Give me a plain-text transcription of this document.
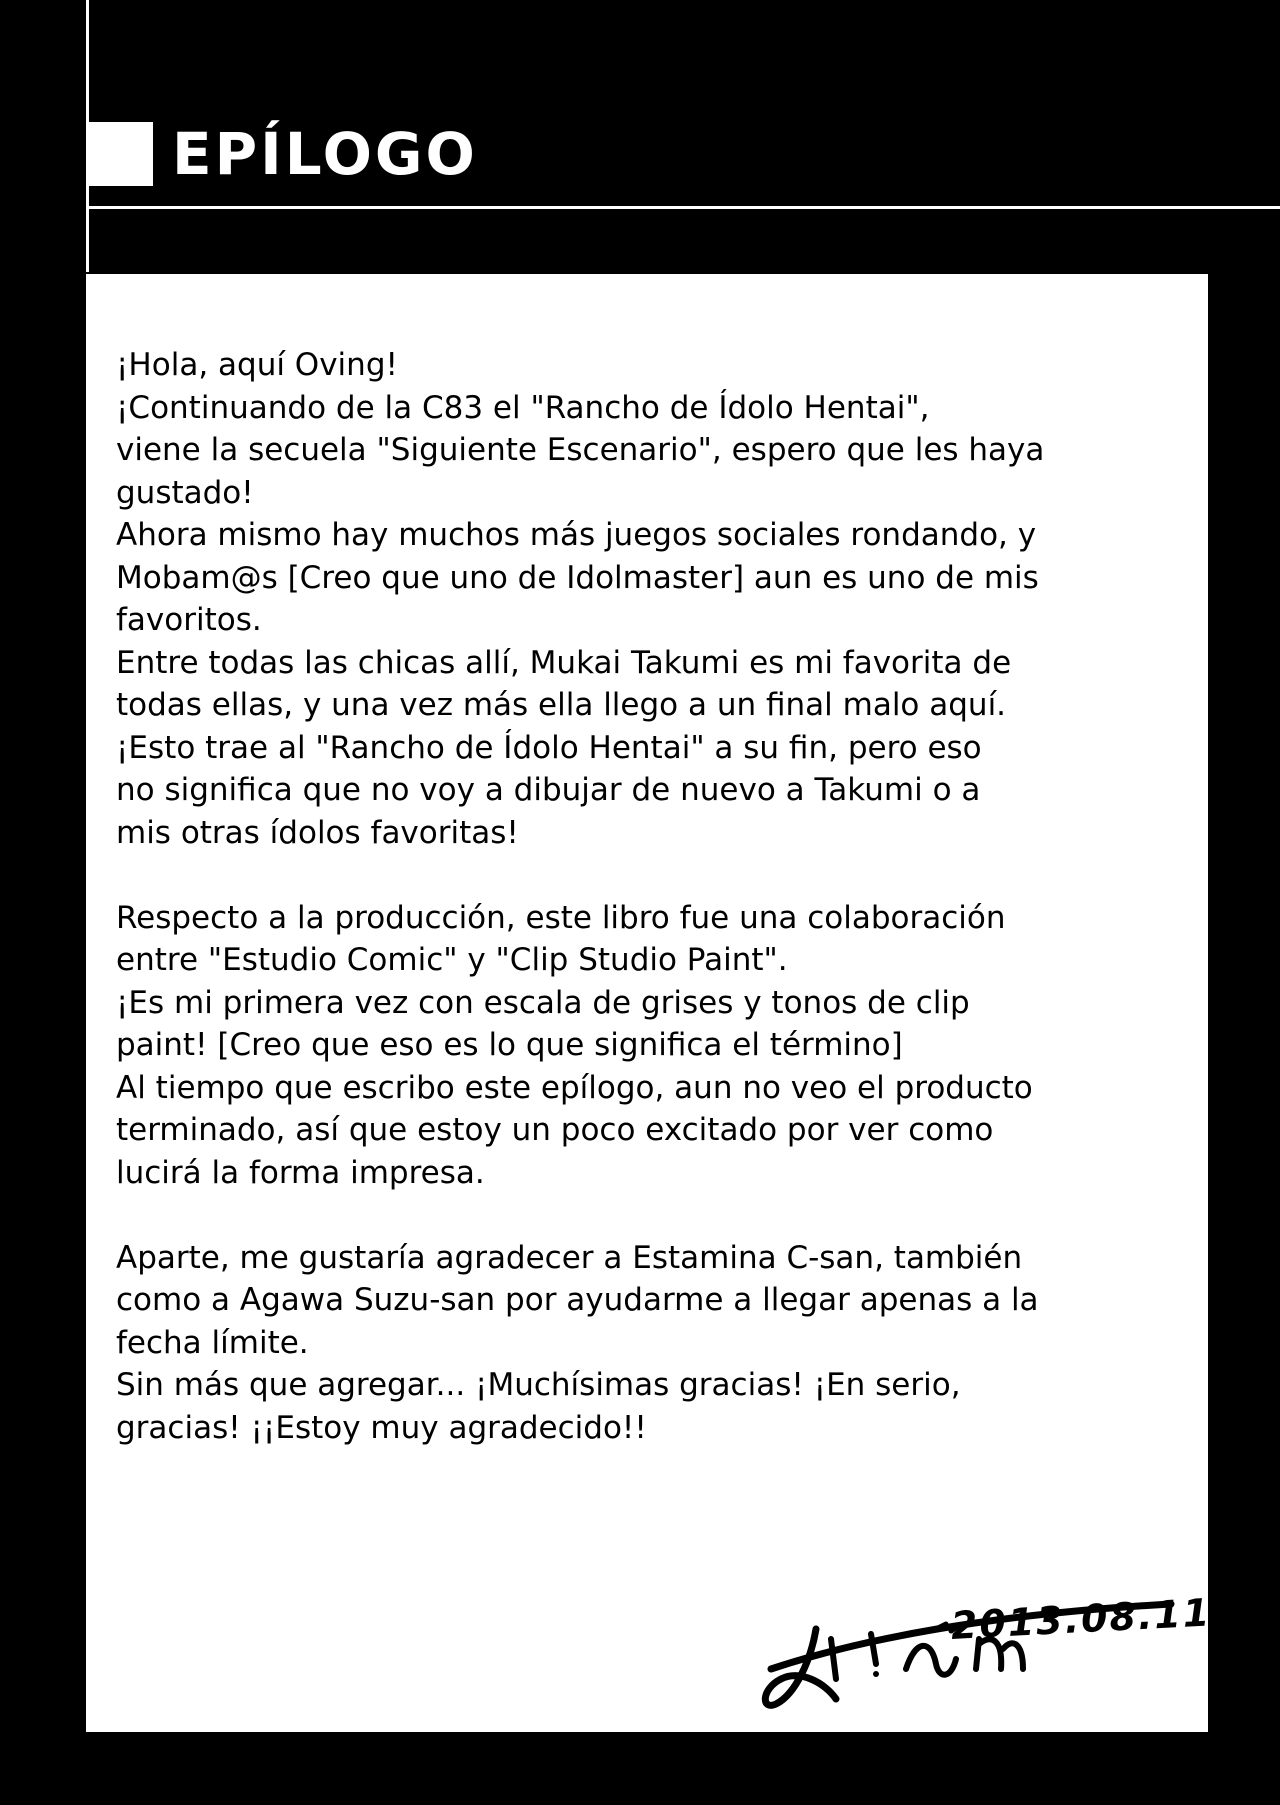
EPÍLOGO

¡Hola, aquí Oving!

¡Continuando de la C83 el "Rancho de Ídolo Hentai",

viene la secuela "Siguiente Escenario", espero que les haya

gustado!

Ahora mismo hay muchos más juegos sociales rondando, y

Mobam@s [Creo que uno de Idolmaster] aun es uno de mis

favoritos.

Entre todas las chicas allí, Mukai Takumi es mi favorita de

todas ellas, y una vez más ella llego a un final malo aquí.

¡Esto trae al "Rancho de Ídolo Hentai" a su fin, pero eso

no significa que no voy a dibujar de nuevo a Takumi o a

mis otras ídolos favoritas!

Respecto a la producción, este libro fue una colaboración

entre "Estudio Comic" y "Clip Studio Paint".

¡Es mi primera vez con escala de grises y tonos de clip

paint! [Creo que eso es lo que significa el término]

Al tiempo que escribo este epílogo, aun no veo el producto

terminado, así que estoy un poco excitado por ver como

lucirá la forma impresa.

Aparte, me gustaría agradecer a Estamina C-san, también

como a Agawa Suzu-san por ayudarme a llegar apenas a la

fecha límite.

Sin más que agregar... ¡Muchísimas gracias! ¡En serio,

gracias! ¡¡Estoy muy agradecido!!

2013.08.11
